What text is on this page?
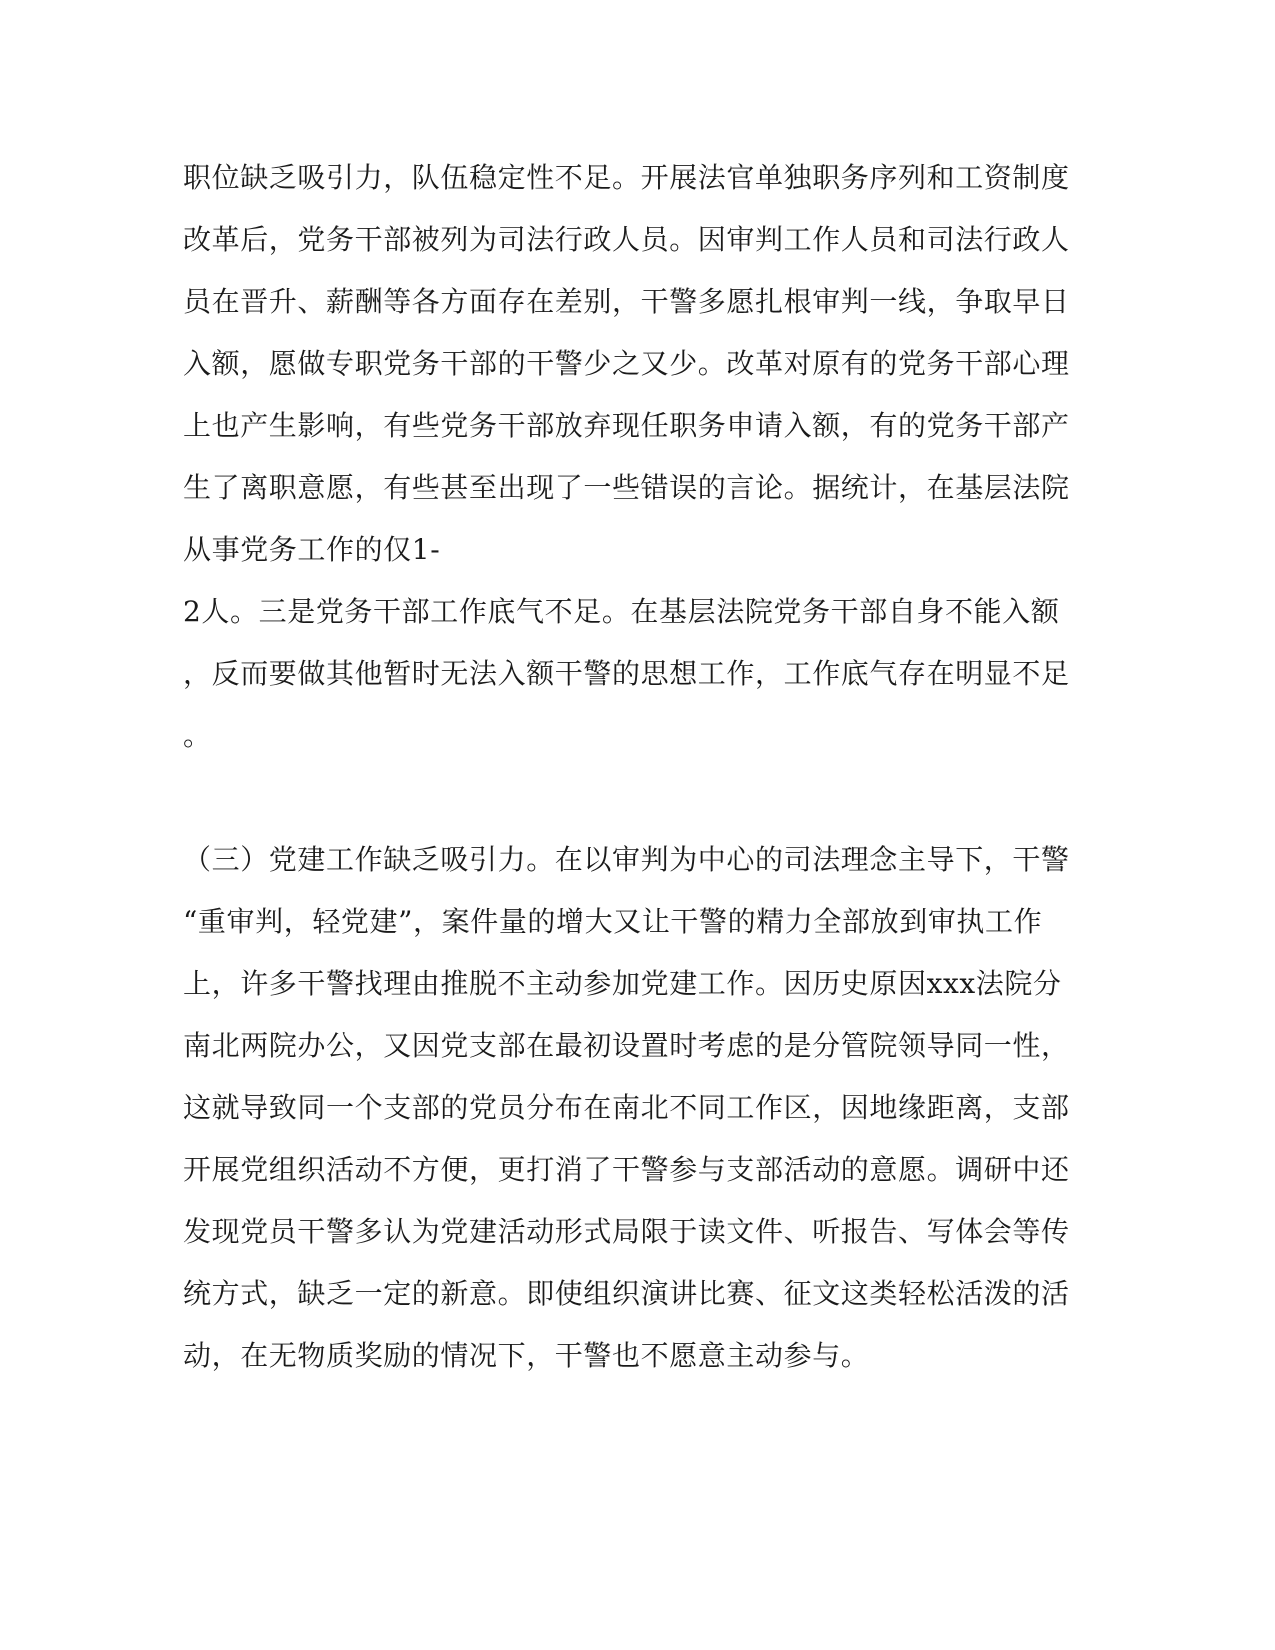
职位缺乏吸引力，队伍稳定性不足。开展法官单独职务序列和工资制度
改革后，党务干部被列为司法行政人员。因审判工作人员和司法行政人
员在晋升、薪酬等各方面存在差别，干警多愿扎根审判一线，争取早日
入额，愿做专职党务干部的干警少之又少。改革对原有的党务干部心理
上也产生影响，有些党务干部放弃现任职务申请入额，有的党务干部产
生了离职意愿，有些甚至出现了一些错误的言论。据统计，在基层法院
从事党务工作的仅1-
2人。三是党务干部工作底气不足。在基层法院党务干部自身不能入额
，反而要做其他暂时无法入额干警的思想工作，工作底气存在明显不足
。
（三）党建工作缺乏吸引力。在以审判为中心的司法理念主导下，干警
“重审判，轻党建”，案件量的增大又让干警的精力全部放到审执工作
上，许多干警找理由推脱不主动参加党建工作。因历史原因xxx法院分
南北两院办公，又因党支部在最初设置时考虑的是分管院领导同一性，
这就导致同一个支部的党员分布在南北不同工作区，因地缘距离，支部
开展党组织活动不方便，更打消了干警参与支部活动的意愿。调研中还
发现党员干警多认为党建活动形式局限于读文件、听报告、写体会等传
统方式，缺乏一定的新意。即使组织演讲比赛、征文这类轻松活泼的活
动，在无物质奖励的情况下，干警也不愿意主动参与。
